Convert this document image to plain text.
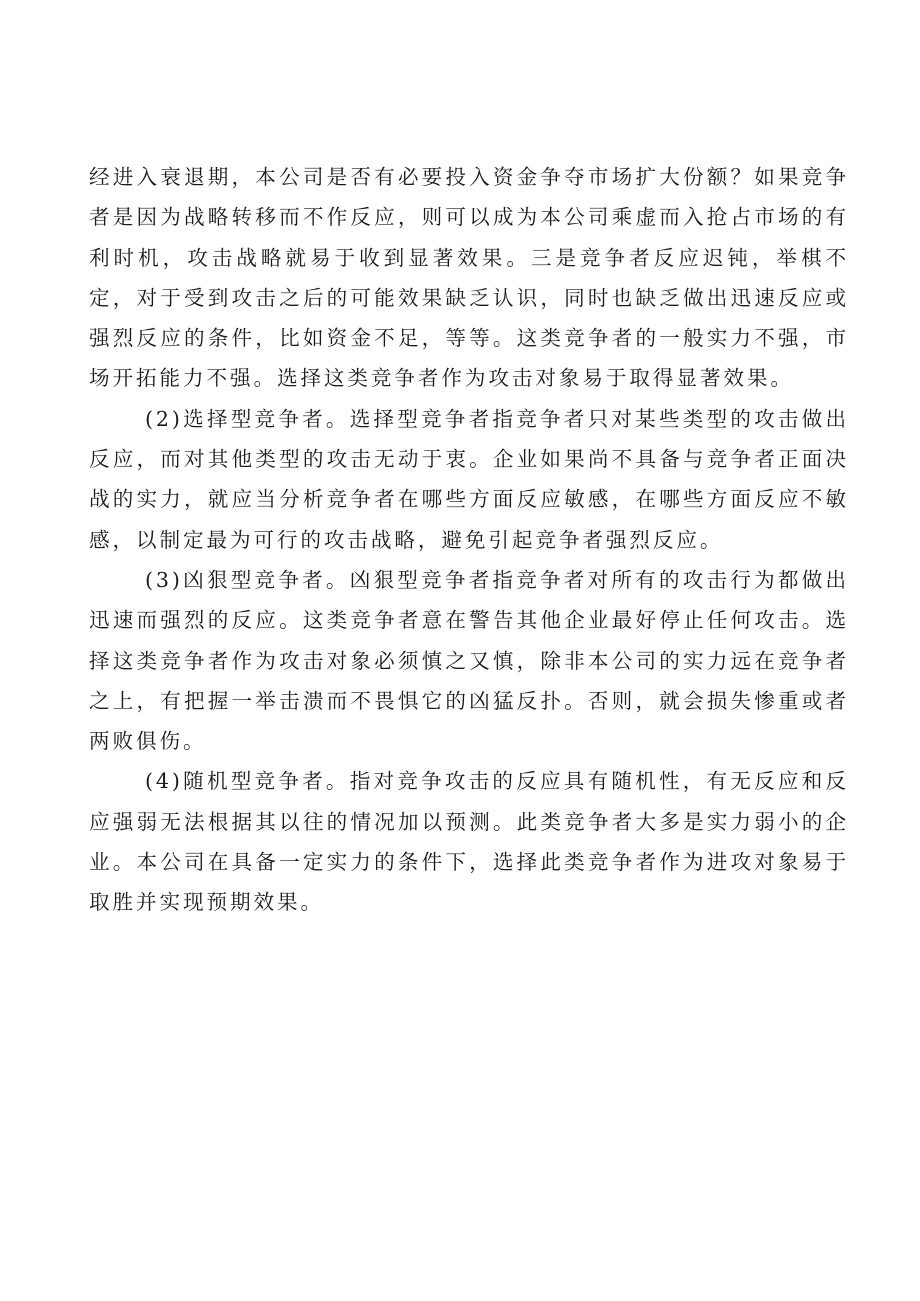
经进入衰退期，本公司是否有必要投入资金争夺市场扩大份额？如果竞争者是因为战略转移而不作反应，则可以成为本公司乘虚而入抢占市场的有利时机，攻击战略就易于收到显著效果。三是竞争者反应迟钝，举棋不定，对于受到攻击之后的可能效果缺乏认识，同时也缺乏做出迅速反应或强烈反应的条件，比如资金不足，等等。这类竞争者的一般实力不强，市场开拓能力不强。选择这类竞争者作为攻击对象易于取得显著效果。

(2)选择型竞争者。选择型竞争者指竞争者只对某些类型的攻击做出反应，而对其他类型的攻击无动于衷。企业如果尚不具备与竞争者正面决战的实力，就应当分析竞争者在哪些方面反应敏感，在哪些方面反应不敏感，以制定最为可行的攻击战略，避免引起竞争者强烈反应。

(3)凶狠型竞争者。凶狠型竞争者指竞争者对所有的攻击行为都做出迅速而强烈的反应。这类竞争者意在警告其他企业最好停止任何攻击。选择这类竞争者作为攻击对象必须慎之又慎，除非本公司的实力远在竞争者之上，有把握一举击溃而不畏惧它的凶猛反扑。否则，就会损失惨重或者两败俱伤。

(4)随机型竞争者。指对竞争攻击的反应具有随机性，有无反应和反应强弱无法根据其以往的情况加以预测。此类竞争者大多是实力弱小的企业。本公司在具备一定实力的条件下，选择此类竞争者作为进攻对象易于取胜并实现预期效果。
